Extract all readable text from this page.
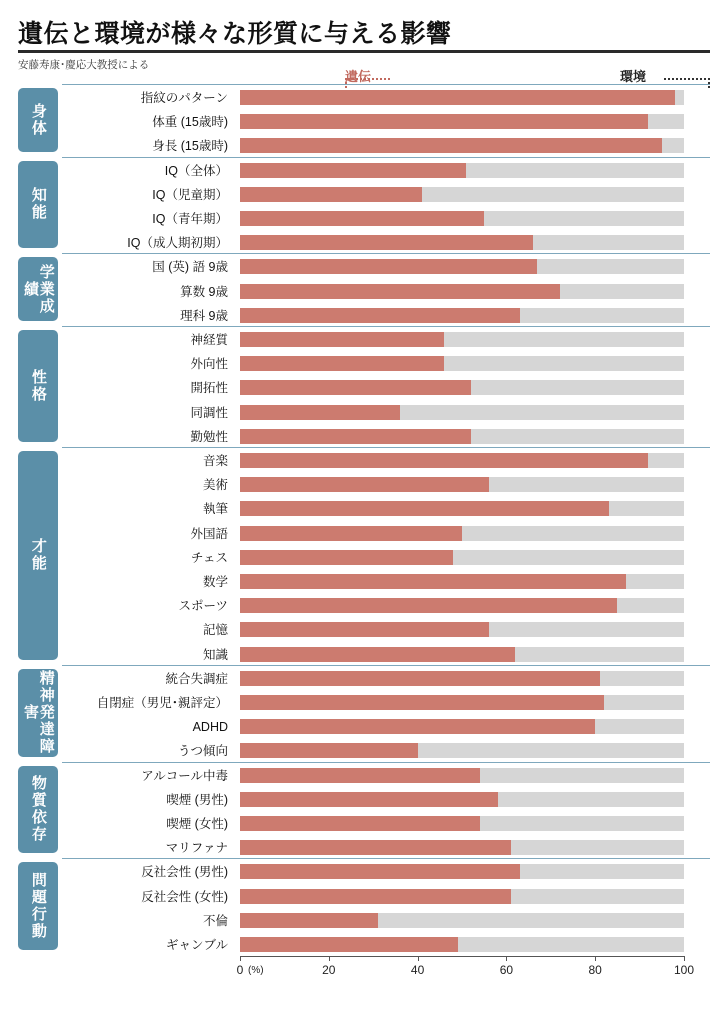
遺伝と環境が様々な形質に与える影響
安藤寿康･慶応大教授による
遺伝	環境
身体
指紋のパターン
体重 (15歳時)
身長 (15歳時)
知能
IQ（全体）
IQ（児童期）
IQ（青年期）
IQ（成人期初期）
学業成績
国 (英) 語 9歳
算数 9歳
理科 9歳
性格
神経質
外向性
開拓性
同調性
勤勉性
才能
音楽
美術
執筆
外国語
チェス
数学
スポーツ
記憶
知識
精神発達障害
統合失調症
自閉症（男児･親評定）
ADHD
うつ傾向
物質依存	アルコール中毒
喫煙 (男性)
喫煙 (女性)
マリファナ
問題行動	反社会性 (男性)
反社会性 (女性)
不倫
ギャンブル
0	20	40	60	80	100
(%)
